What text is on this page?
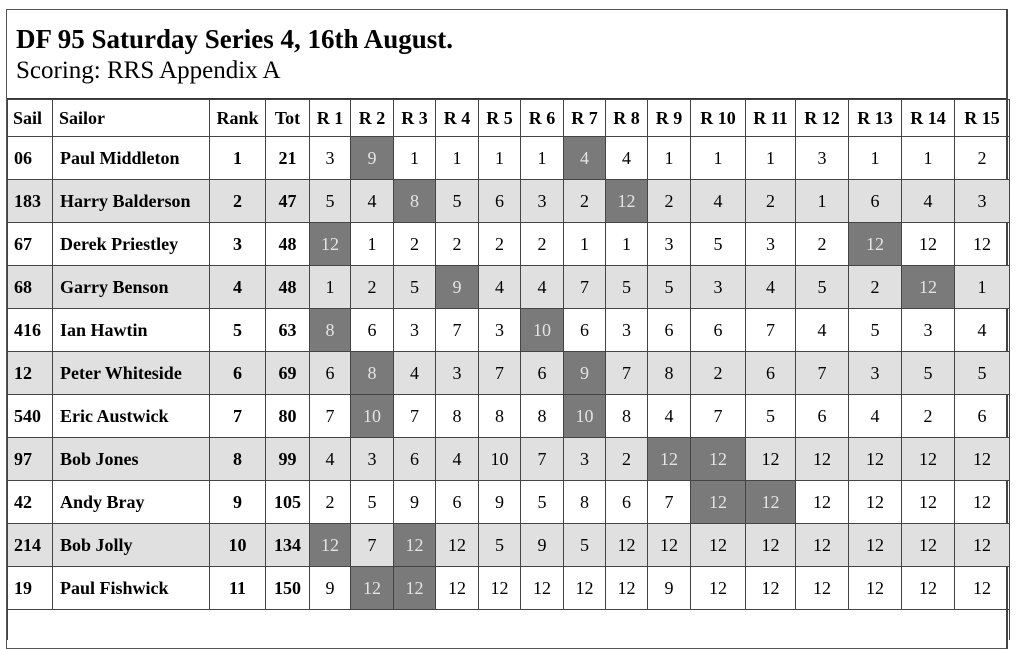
DF 95 Saturday Series 4, 16th August.
Scoring: RRS Appendix A
Sail	Sailor	Rank	Tot	R 1	R 2	R 3	R 4	R 5	R 6	R 7	R 8	R 9	R 10	R 11	R 12	R 13	R 14	R 15
06	Paul Middleton	1	21	3	9	1	1	1	1	4	4	1	1	1	3	1	1	2
183	Harry Balderson	2	47	5	4	8	5	6	3	2	12	2	4	2	1	6	4	3
67	Derek Priestley	3	48	12	1	2	2	2	2	1	1	3	5	3	2	12	12	12
68	Garry Benson	4	48	1	2	5	9	4	4	7	5	5	3	4	5	2	12	1
416	Ian Hawtin	5	63	8	6	3	7	3	10	6	3	6	6	7	4	5	3	4
12	Peter Whiteside	6	69	6	8	4	3	7	6	9	7	8	2	6	7	3	5	5
540	Eric Austwick	7	80	7	10	7	8	8	8	10	8	4	7	5	6	4	2	6
97	Bob Jones	8	99	4	3	6	4	10	7	3	2	12	12	12	12	12	12	12
42	Andy Bray	9	105	2	5	9	6	9	5	8	6	7	12	12	12	12	12	12
214	Bob Jolly	10	134	12	7	12	12	5	9	5	12	12	12	12	12	12	12	12
19	Paul Fishwick	11	150	9	12	12	12	12	12	12	12	9	12	12	12	12	12	12
